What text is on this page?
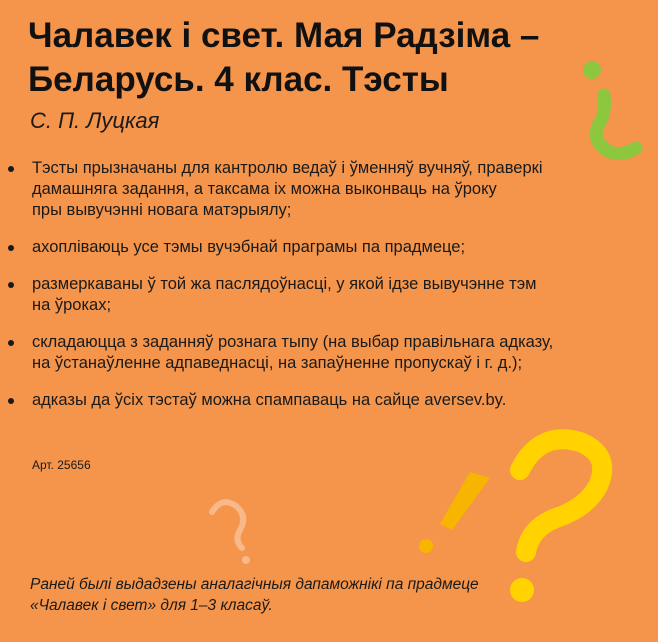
Чалавек і свет. Мая Радзіма –
Беларусь. 4 клас. Тэсты
С. П. Луцкая
Тэсты прызначаны для кантролю ведаў і ўменняў вучняў, праверкі
дамашняга задання, а таксама іх можна выконваць на ўроку
пры вывучэнні новага матэрыялу;
ахопліваюць усе тэмы вучэбнай праграмы па прадмеце;
размеркаваны ў той жа паслядоўнасці, у якой ідзе вывучэнне тэм
на ўроках;
складаюцца з заданняў рознага тыпу (на выбар правільнага адказу,
на ўстанаўленне адпаведнасці, на запаўненне пропускаў і г. д.);
адказы да ўсіх тэстаў можна спампаваць на сайце aversev.by.
Арт. 25656
Раней былі выдадзены аналагічныя дапаможнікі па прадмеце
«Чалавек і свет» для 1–3 класаў.
